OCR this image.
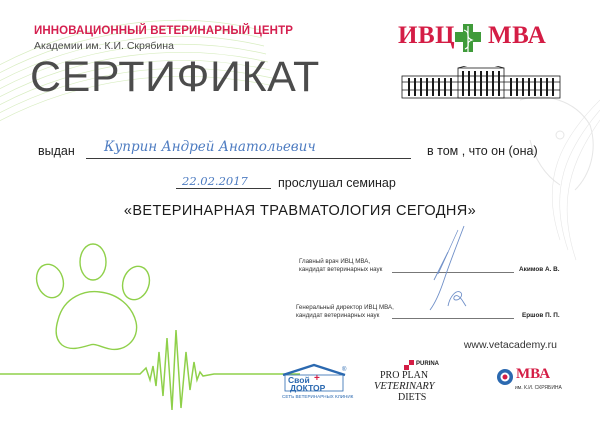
ИННОВАЦИОННЫЙ ВЕТЕРИНАРНЫЙ ЦЕНТР
Академии им. К.И. Скрябина
СЕРТИФИКАТ
ИВЦ МВА
выдан Куприн Андрей Анатольевич	в том , что он (она)
22.02.2017 прослушал семинар
«ВЕТЕРИНАРНАЯ ТРАВМАТОЛОГИЯ СЕГОДНЯ»
Главный врач ИВЦ МВА,
кандидат ветеринарных наук	Акимов А. В.
Генеральный директор ИВЦ МВА,
кандидат ветеринарных наук	Ершов П. П.
www.vetacademy.ru
Свой +
ДОКТОР
®
СЕТЬ ВЕТЕРИНАРНЫХ КЛИНИК
PURINA
PRO PLAN
VETERINARY
DIETS
МВА
им. К.И. СКРЯБИНА
